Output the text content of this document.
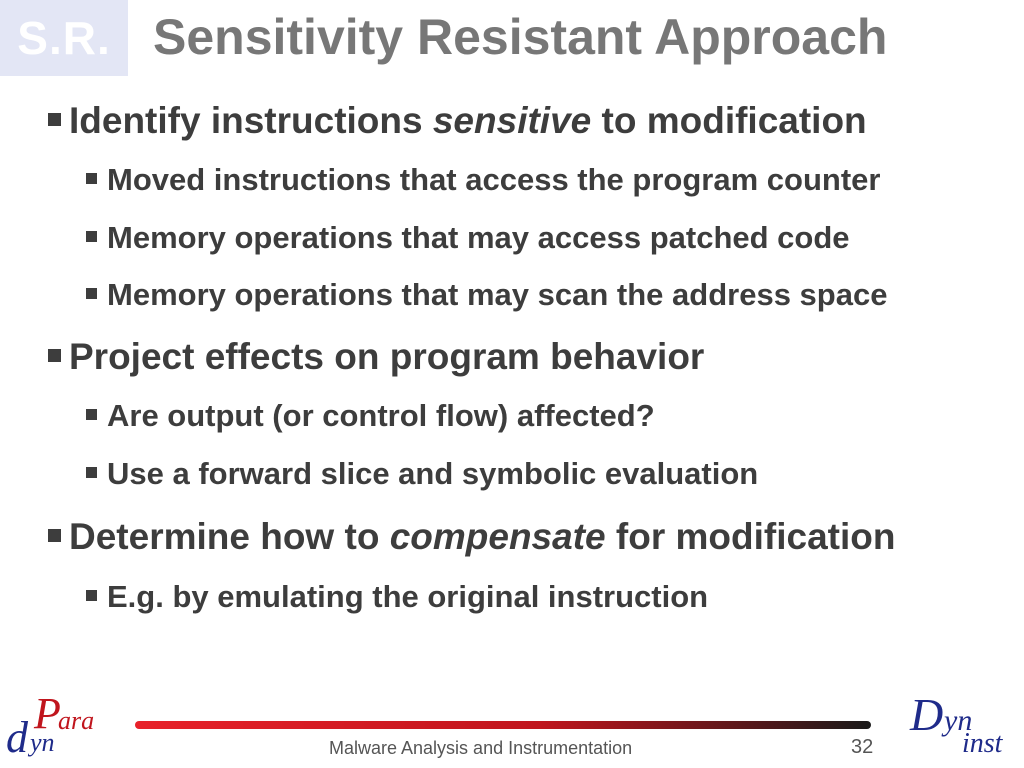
S.R. Sensitivity Resistant Approach
Identify instructions sensitive to modification
Moved instructions that access the program counter
Memory operations that may access patched code
Memory operations that may scan the address space
Project effects on program behavior
Are output (or control flow) affected?
Use a forward slice and symbolic evaluation
Determine how to compensate for modification
E.g. by emulating the original instruction
P
ara
d yn	Malware Analysis and Instrumentation	32
D yn
inst
